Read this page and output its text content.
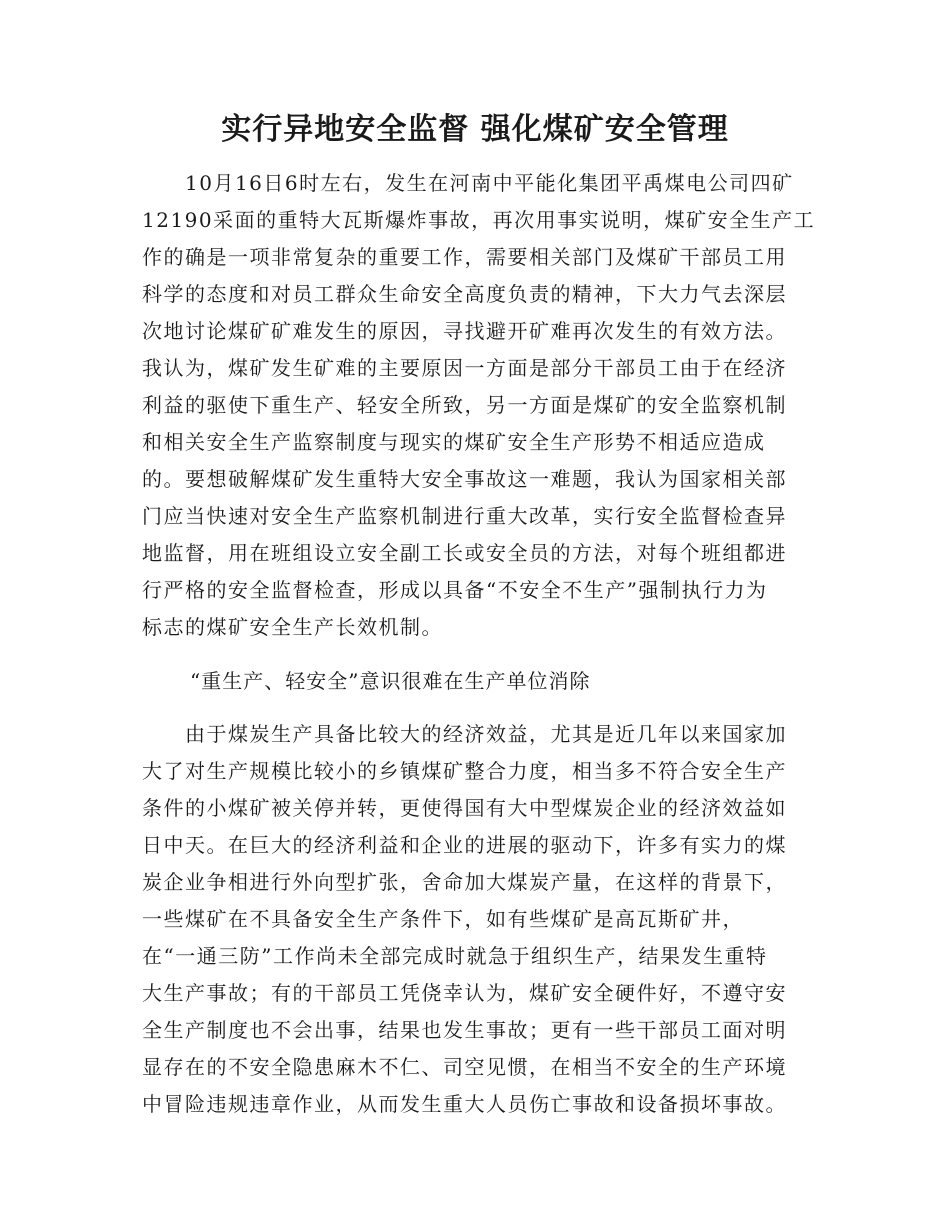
实行异地安全监督 强化煤矿安全管理
　　10月16日6时左右，发生在河南中平能化集团平禹煤电公司四矿
12190采面的重特大瓦斯爆炸事故，再次用事实说明，煤矿安全生产工
作的确是一项非常复杂的重要工作，需要相关部门及煤矿干部员工用
科学的态度和对员工群众生命安全高度负责的精神，下大力气去深层
次地讨论煤矿矿难发生的原因，寻找避开矿难再次发生的有效方法。
我认为，煤矿发生矿难的主要原因一方面是部分干部员工由于在经济
利益的驱使下重生产、轻安全所致，另一方面是煤矿的安全监察机制
和相关安全生产监察制度与现实的煤矿安全生产形势不相适应造成
的。要想破解煤矿发生重特大安全事故这一难题，我认为国家相关部
门应当快速对安全生产监察机制进行重大改革，实行安全监督检查异
地监督，用在班组设立安全副工长或安全员的方法，对每个班组都进
行严格的安全监督检查，形成以具备“不安全不生产”强制执行力为
标志的煤矿安全生产长效机制。
“重生产、轻安全”意识很难在生产单位消除
　　由于煤炭生产具备比较大的经济效益，尤其是近几年以来国家加
大了对生产规模比较小的乡镇煤矿整合力度，相当多不符合安全生产
条件的小煤矿被关停并转，更使得国有大中型煤炭企业的经济效益如
日中天。在巨大的经济利益和企业的进展的驱动下，许多有实力的煤
炭企业争相进行外向型扩张，舍命加大煤炭产量，在这样的背景下，
一些煤矿在不具备安全生产条件下，如有些煤矿是高瓦斯矿井，
在“一通三防”工作尚未全部完成时就急于组织生产，结果发生重特
大生产事故；有的干部员工凭侥幸认为，煤矿安全硬件好，不遵守安
全生产制度也不会出事，结果也发生事故；更有一些干部员工面对明
显存在的不安全隐患麻木不仁、司空见惯，在相当不安全的生产环境
中冒险违规违章作业，从而发生重大人员伤亡事故和设备损坏事故。
